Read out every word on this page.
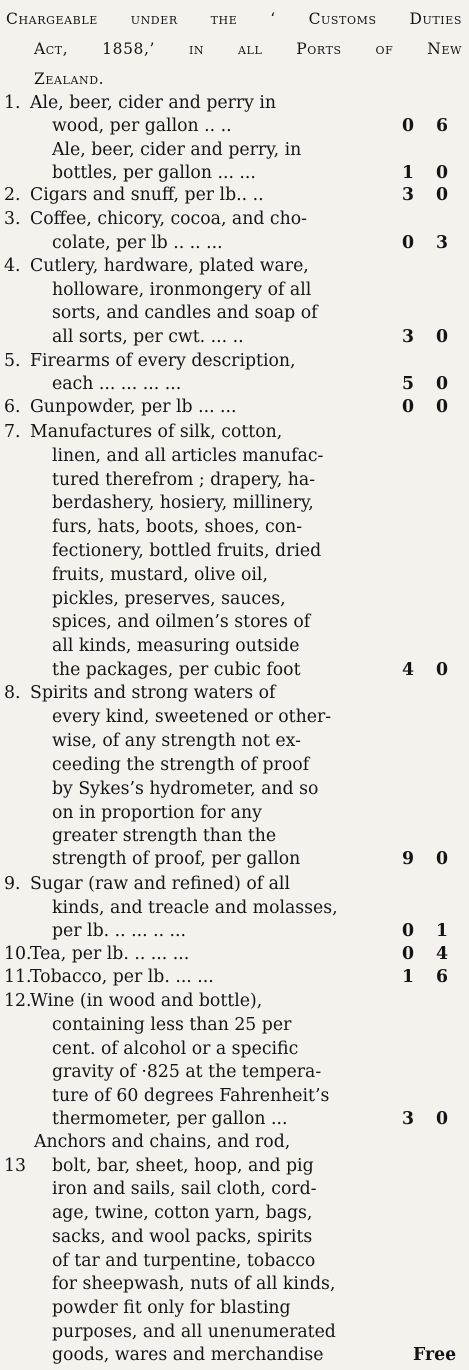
Chargeable under the ‘ Customs Duties
Act, 1858,’ in all Ports of New
Zealand.
1. Ale, beer, cider and perry in
wood, per gallon .. ..	0 6
Ale, beer, cider and perry, in
bottles, per gallon ... ...	1 0
2. Cigars and snuff, per lb.. ..	3 0
3. Coffee, chicory, cocoa, and cho-
colate, per lb .. .. ...	0 3
4. Cutlery, hardware, plated ware,
holloware, ironmongery of all
sorts, and candles and soap of
all sorts, per cwt. ... ..	3 0
5. Firearms of every description,
each ... ... ... ...	5 0
6. Gunpowder, per lb ... ...	0 0
7. Manufactures of silk, cotton,
linen, and all articles manufac-
tured therefrom ; drapery, ha-
berdashery, hosiery, millinery,
furs, hats, boots, shoes, con-
fectionery, bottled fruits, dried
fruits, mustard, olive oil,
pickles, preserves, sauces,
spices, and oilmen’s stores of
all kinds, measuring outside
the packages, per cubic foot	4 0
8. Spirits and strong waters of
every kind, sweetened or other-
wise, of any strength not ex-
ceeding the strength of proof
by Sykes’s hydrometer, and so
on in proportion for any
greater strength than the
strength of proof, per gallon	9 0
9. Sugar (raw and refined) of all
kinds, and treacle and molasses,
per lb. .. ... .. ...	0 1
10.
Tea, per lb. .. ... ...	0 4
11.
Tobacco, per lb. ... ...	1 6
12.
Wine (in wood and bottle),
containing less than 25 per
cent. of alcohol or a specific
gravity of ·825 at the tempera-
ture of 60 degrees Fahrenheit’s
thermometer, per gallon ...	3 0
Anchors and chains, and rod,
13 bolt, bar, sheet, hoop, and pig
iron and sails, sail cloth, cord-
age, twine, cotton yarn, bags,
sacks, and wool packs, spirits
of tar and turpentine, tobacco
for sheepwash, nuts of all kinds,
powder fit only for blasting
purposes, and all unenumerated
goods, wares and merchandise	Free
